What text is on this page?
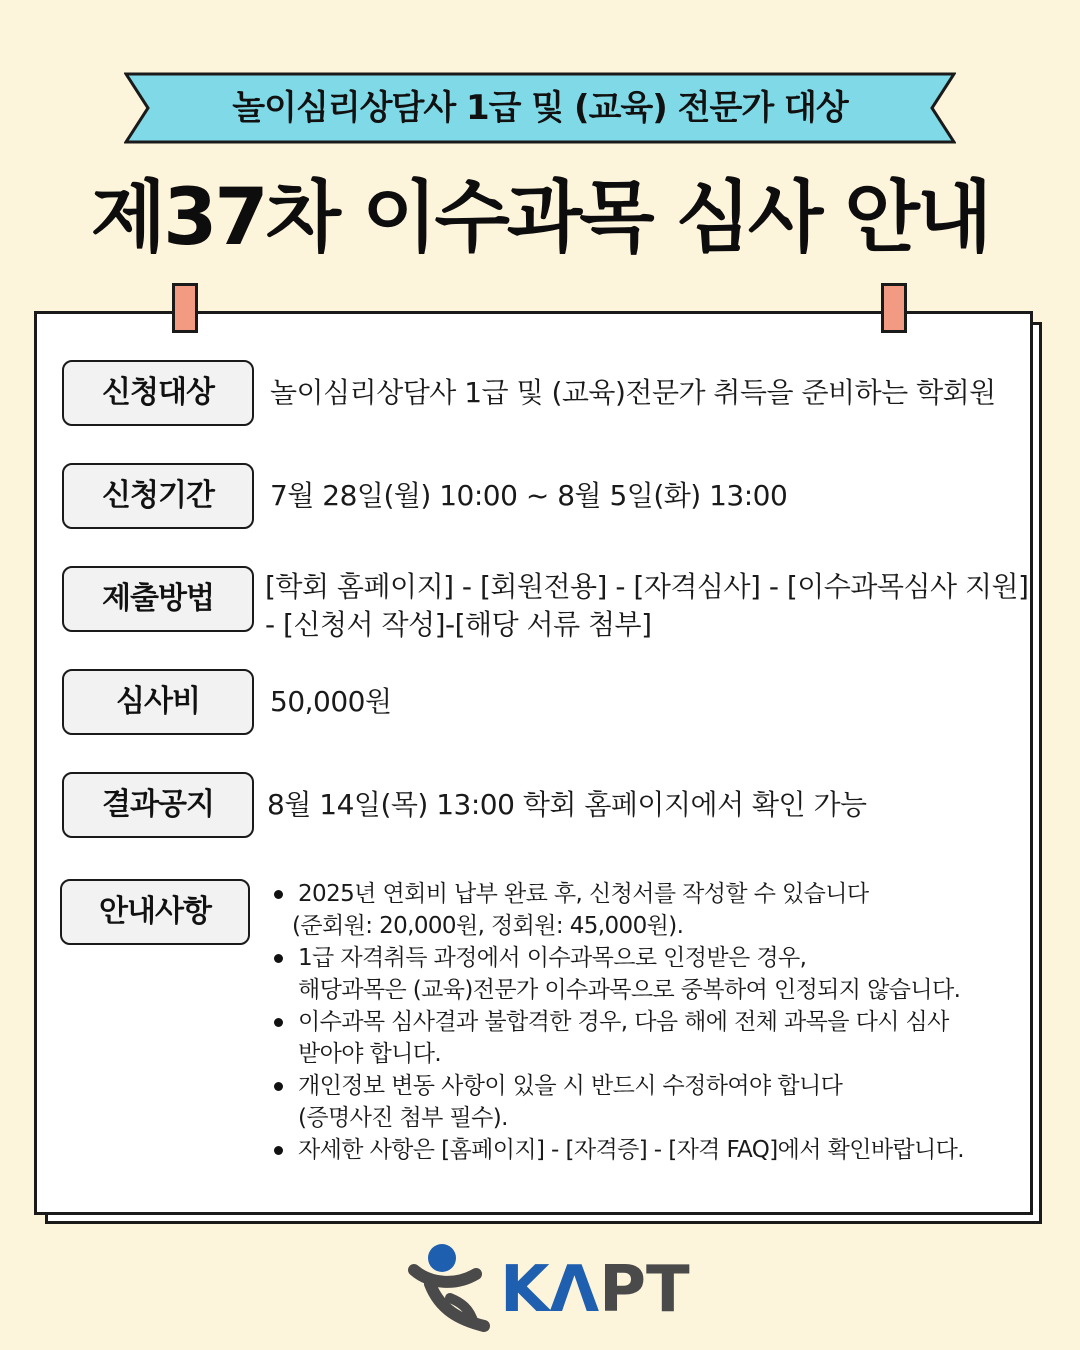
놀이심리상담사 1급 및 (교육) 전문가 대상
제37차 이수과목 심사 안내
신청대상	놀이심리상담사 1급 및 (교육)전문가 취득을 준비하는 학회원
신청기간	7월 28일(월) 10:00 ~ 8월 5일(화) 13:00
제출방법	[학회 홈페이지] - [회원전용] - [자격심사] - [이수과목심사 지원]
- [신청서 작성]-[해당 서류 첨부]
심사비	50,000원
결과공지	8월 14일(목) 13:00 학회 홈페이지에서 확인 가능
안내사항	2025년 연회비 납부 완료 후, 신청서를 작성할 수 있습니다
(준회원: 20,000원, 정회원: 45,000원).
1급 자격취득 과정에서 이수과목으로 인정받은 경우,
해당과목은 (교육)전문가 이수과목으로 중복하여 인정되지 않습니다.
이수과목 심사결과 불합격한 경우, 다음 해에 전체 과목을 다시 심사
받아야 합니다.
개인정보 변동 사항이 있을 시 반드시 수정하여야 합니다
(증명사진 첨부 필수).
자세한 사항은 [홈페이지] - [자격증] - [자격 FAQ]에서 확인바랍니다.
KΛPT
